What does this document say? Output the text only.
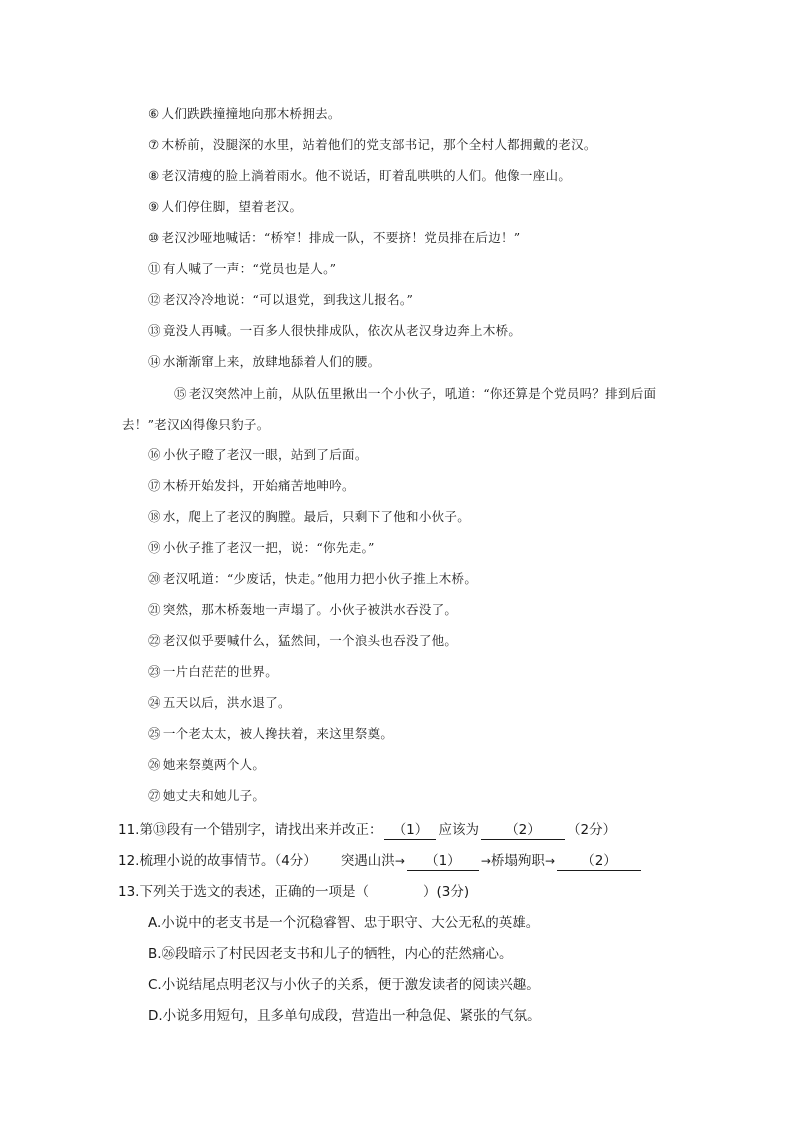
⑥ 人们跌跌撞撞地向那木桥拥去。
⑦ 木桥前，没腿深的水里，站着他们的党支部书记，那个全村人都拥戴的老汉。
⑧ 老汉清瘦的脸上淌着雨水。他不说话，盯着乱哄哄的人们。他像一座山。
⑨ 人们停住脚，望着老汉。
⑩ 老汉沙哑地喊话：“桥窄！排成一队，不要挤！党员排在后边！”
⑪ 有人喊了一声：“党员也是人。”
⑫ 老汉冷冷地说：“可以退党，到我这儿报名。”
⑬ 竟没人再喊。一百多人很快排成队，依次从老汉身边奔上木桥。
⑭ 水渐渐窜上来，放肆地舔着人们的腰。
⑮ 老汉突然冲上前，从队伍里揪出一个小伙子，吼道：“你还算是个党员吗？排到后面去！”老汉凶得像只豹子。
⑯ 小伙子瞪了老汉一眼，站到了后面。
⑰ 木桥开始发抖，开始痛苦地呻吟。
⑱ 水，爬上了老汉的胸膛。最后，只剩下了他和小伙子。
⑲ 小伙子推了老汉一把，说：“你先走。”
⑳ 老汉吼道：“少废话，快走。”他用力把小伙子推上木桥。
㉑ 突然，那木桥轰地一声塌了。小伙子被洪水吞没了。
㉒ 老汉似乎要喊什么，猛然间，一个浪头也吞没了他。
㉓ 一片白茫茫的世界。
㉔ 五天以后，洪水退了。
㉕ 一个老太太，被人搀扶着，来这里祭奠。
㉖ 她来祭奠两个人。
㉗ 她丈夫和她儿子。
11.第⑬段有一个错别字，请找出来并改正： （1） 应该为 （2） （2分）
12.梳理小说的故事情节。（4分） 突遇山洪→ （1） →桥塌殉职→ （2）
13.下列关于选文的表述，正确的一项是（	）(3分)
A.小说中的老支书是一个沉稳睿智、忠于职守、大公无私的英雄。
B.㉖段暗示了村民因老支书和儿子的牺牲，内心的茫然痛心。
C.小说结尾点明老汉与小伙子的关系，便于激发读者的阅读兴趣。
D.小说多用短句，且多单句成段，营造出一种急促、紧张的气氛。
